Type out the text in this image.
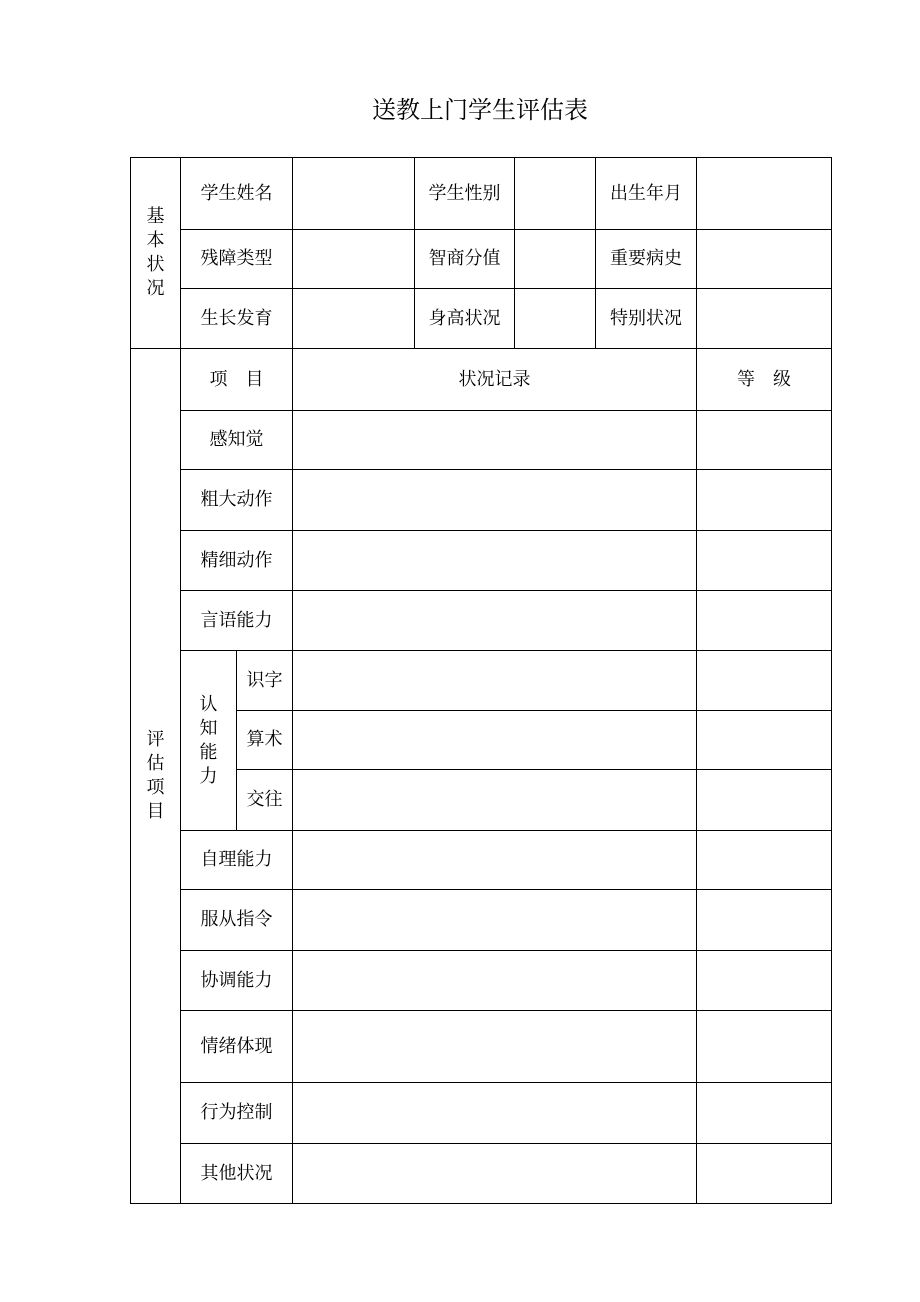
送教上门学生评估表
基本状况	学生姓名			学生性别		出生年月	
	残障类型			智商分值		重要病史	
	生长发育			身高状况		特别状况	
评估项目	项　目		状况记录				等　级
	感知觉						
	粗大动作						
	精细动作						
	言语能力						
	认知能力	识字					
		算术					
		交往					
	自理能力						
	服从指令						
	协调能力						
	情绪体现						
	行为控制						
	其他状况						
